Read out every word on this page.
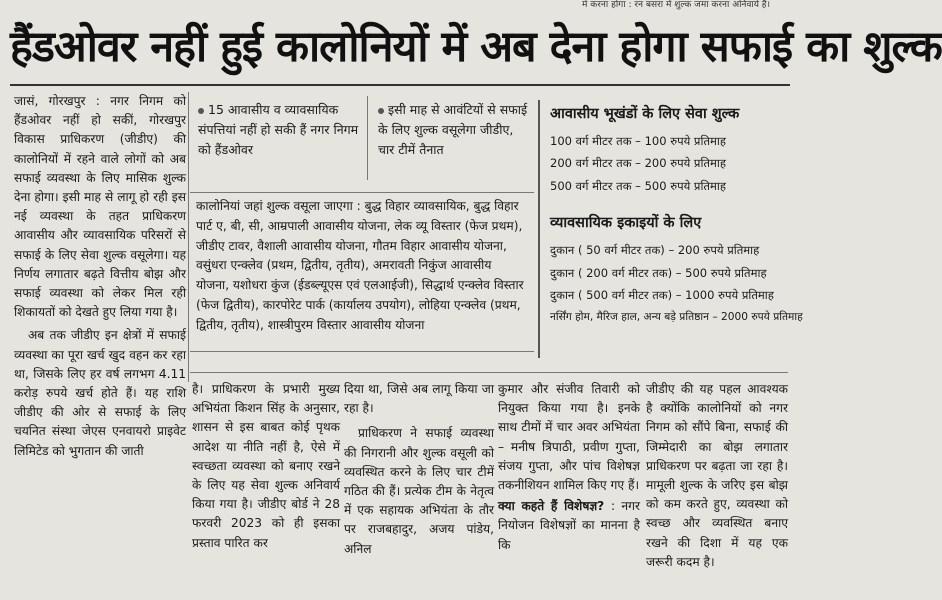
मे करना होगा : रन बसरा में शुल्क जमा करना अनिवार्य है।
हैंडओवर नहीं हुई कालोनियों में अब देना होगा सफाई का शुल्क

जासं, गोरखपुर : नगर निगम को हैंडओवर नहीं हो सकीं, गोरखपुर विकास प्राधिकरण (जीडीए) की कालोनियों में रहने वाले लोगों को अब सफाई व्यवस्था के लिए मासिक शुल्क देना होगा। इसी माह से लागू हो रही इस नई व्यवस्था के तहत प्राधिकरण आवासीय और व्यावसायिक परिसरों से सफाई के लिए सेवा शुल्क वसूलेगा। यह निर्णय लगातार बढ़ते वित्तीय बोझ और सफाई व्यवस्था को लेकर मिल रही शिकायतों को देखते हुए लिया गया है।

अब तक जीडीए इन क्षेत्रों में सफाई व्यवस्था का पूरा खर्च खुद वहन कर रहा था, जिसके लिए हर वर्ष लगभग 4.11 करोड़ रुपये खर्च होते हैं। यह राशि जीडीए की ओर से सफाई के लिए चयनित संस्था जेएस एनवायरो प्राइवेट लिमिटेड को भुगतान की जाती

15 आवासीय व व्यावसायिक संपत्तियां नहीं हो सकी हैं नगर निगम को हैंडओवर
इसी माह से आवंटियों से सफाई के लिए शुल्क वसूलेगा जीडीए, चार टीमें तैनात
कालोनियां जहां शुल्क वसूला जाएगा : बुद्ध विहार व्यावसायिक, बुद्ध विहार पार्ट ए, बी, सी, आम्रपाली आवासीय योजना, लेक व्यू विस्तार (फेज प्रथम), जीडीए टावर, वैशाली आवासीय योजना, गौतम विहार आवासीय योजना, वसुंधरा एन्क्लेव (प्रथम, द्वितीय, तृतीय), अमरावती निकुंज आवासीय योजना, यशोधरा कुंज (ईडब्ल्यूएस एवं एलआईजी), सिद्धार्थ एन्क्लेव विस्तार (फेज द्वितीय), कारपोरेट पार्क (कार्यालय उपयोग), लोहिया एन्क्लेव (प्रथम, द्वितीय, तृतीय), शास्त्रीपुरम विस्तार आवासीय योजना
आवासीय भूखंडों के लिए सेवा शुल्क
100 वर्ग मीटर तक – 100 रुपये प्रतिमाह
200 वर्ग मीटर तक – 200 रुपये प्रतिमाह
500 वर्ग मीटर तक – 500 रुपये प्रतिमाह
व्यावसायिक इकाइयों के लिए
दुकान ( 50 वर्ग मीटर तक) – 200 रुपये प्रतिमाह
दुकान ( 200 वर्ग मीटर तक) – 500 रुपये प्रतिमाह
दुकान ( 500 वर्ग मीटर तक) – 1000 रुपये प्रतिमाह
नर्सिंग होम, मैरिज हाल, अन्य बड़े प्रतिष्ठान – 2000 रुपये प्रतिमाह

है। प्राधिकरण के प्रभारी मुख्य अभियंता किशन सिंह के अनुसार, शासन से इस बाबत कोई पृथक आदेश या नीति नहीं है, ऐसे में स्वच्छता व्यवस्था को बनाए रखने के लिए यह सेवा शुल्क अनिवार्य किया गया है। जीडीए बोर्ड ने 28 फरवरी 2023 को ही इसका प्रस्ताव पारित कर

दिया था, जिसे अब लागू किया जा रहा है।

प्राधिकरण ने सफाई व्यवस्था की निगरानी और शुल्क वसूली को व्यवस्थित करने के लिए चार टीमें गठित की हैं। प्रत्येक टीम के नेतृत्व में एक सहायक अभियंता के तौर पर राजबहादुर, अजय पांडेय, अनिल

कुमार और संजीव तिवारी को नियुक्त किया गया है। इनके साथ टीमों में चार अवर अभियंता – मनीष त्रिपाठी, प्रवीण गुप्ता, संजय गुप्ता, और पांच विशेषज्ञ तकनीशियन शामिल किए गए हैं।

क्या कहते हैं विशेषज्ञ? : नगर नियोजन विशेषज्ञों का मानना है कि

जीडीए की यह पहल आवश्यक है क्योंकि कालोनियों को नगर निगम को सौंपे बिना, सफाई की जिम्मेदारी का बोझ लगातार प्राधिकरण पर बढ़ता जा रहा है। मामूली शुल्क के जरिए इस बोझ को कम करते हुए, व्यवस्था को स्वच्छ और व्यवस्थित बनाए रखने की दिशा में यह एक जरूरी कदम है।
